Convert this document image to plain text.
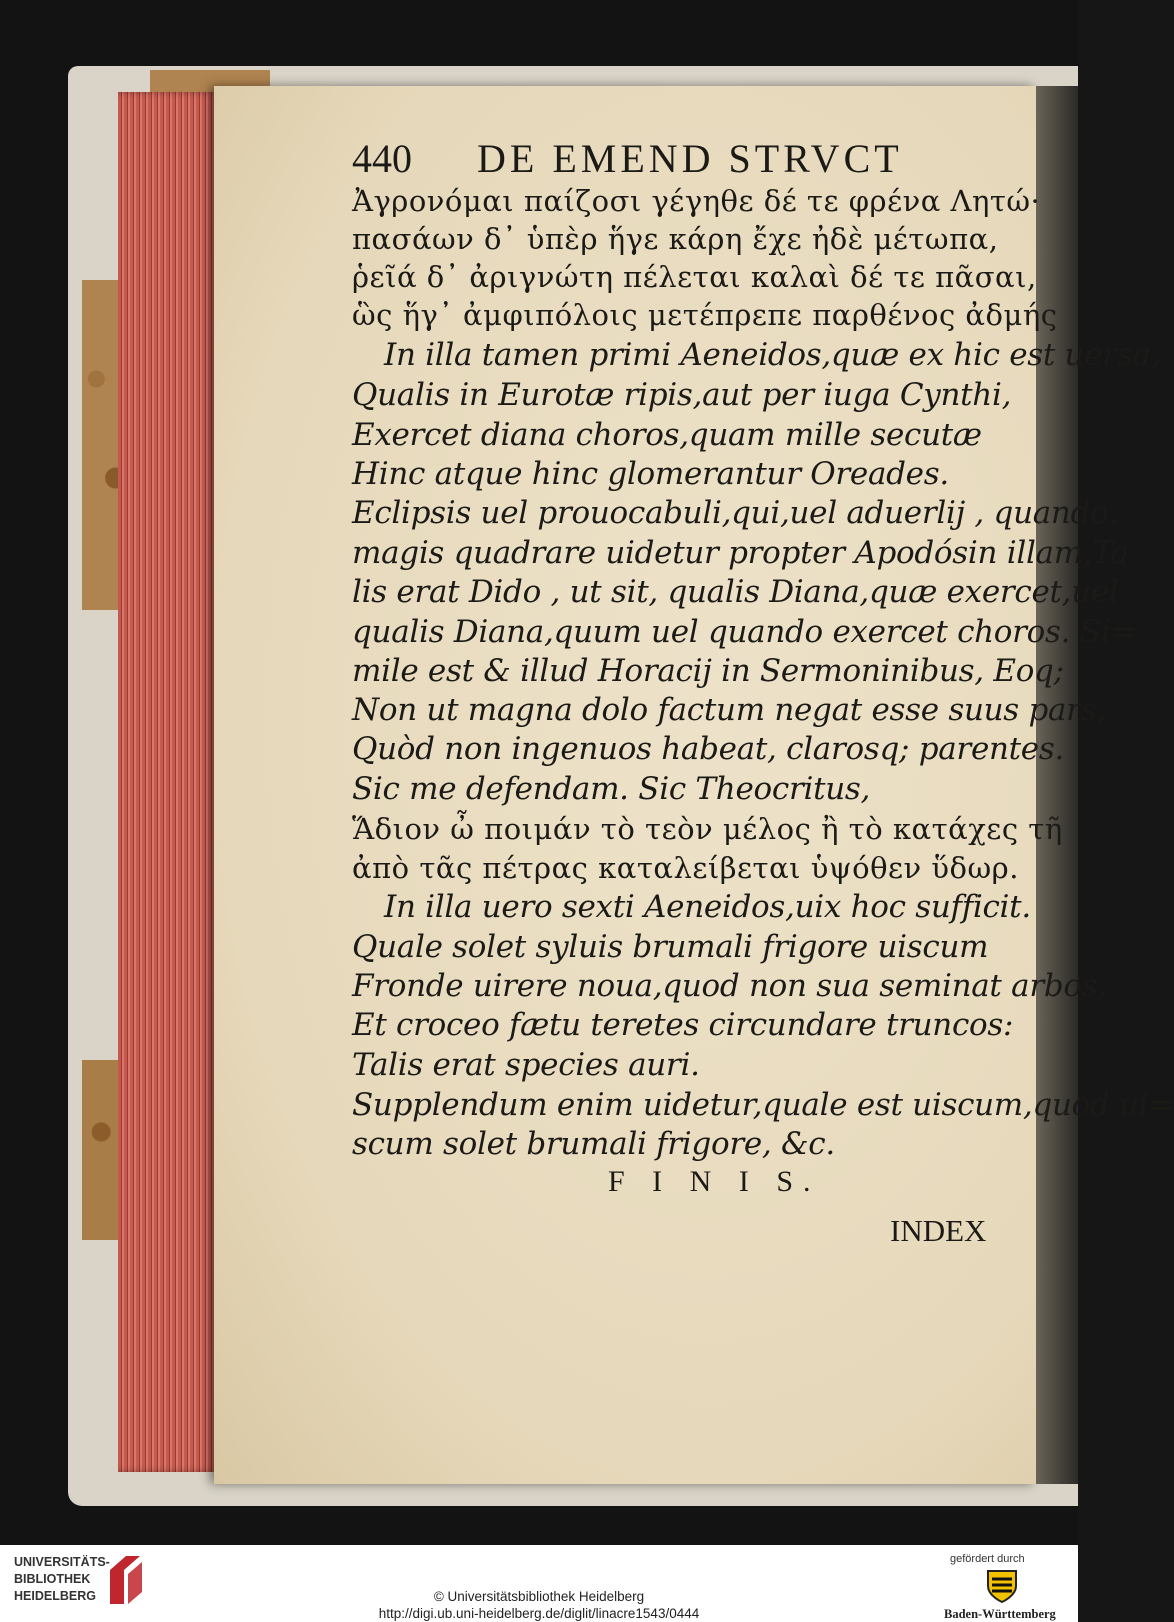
440 DE EMEND STRVCT
Ἀγρονόμαι παίζοσι γέγηθε δέ τε φρένα Λητώ·
πασάων δ᾽ ὑπὲρ ἥγε κάρη ἔχε ἠδὲ μέτωπα,
ῥεῖά δ᾽ ἀριγνώτη πέλεται καλαὶ δέ τε πᾶσαι,
ὣς ἥγ᾽ ἀμφιπόλοις μετέπρεπε παρθένος ἀδμής
In illa tamen primi Aeneidos,quæ ex hic est uersa,
Qualis in Eurotæ ripis,aut per iuga Cynthi,
Exercet diana choros,quam mille secutæ
Hinc atque hinc glomerantur Oreades.
Eclipsis uel prouocabuli,qui,uel aduerlij , quando,
magis quadrare uidetur propter Apodósin illam,Ta
lis erat Dido , ut sit, qualis Diana,quæ exercet,uel
qualis Diana,quum uel quando exercet choros. Si=
mile est & illud Horacij in Sermoninibus, Eoq;
Non ut magna dolo factum negat esse suus pars,
Quòd non ingenuos habeat, clarosq; parentes.
Sic me defendam. Sic Theocritus,
Ἅδιον ὦ ποιμάν τὸ τεὸν μέλος ἢ τὸ κατάχες τῆ
ἀπὸ τᾶς πέτρας καταλείβεται ὑψόθεν ὕδωρ.
In illa uero sexti Aeneidos,uix hoc sufficit.
Quale solet syluis brumali frigore uiscum
Fronde uirere noua,quod non sua seminat arbos,
Et croceo fætu teretes circundare truncos:
Talis erat species auri.
Supplendum enim uidetur,quale est uiscum,quod ui=
scum solet brumali frigore, &c.
F I N I S.
INDEX
UNIVERSITÄTS-
BIBLIOTHEK
HEIDELBERG	© Universitätsbibliothek Heidelberg
http://digi.ub.uni-heidelberg.de/diglit/linacre1543/0444
gefördert durch
Baden-Württemberg
